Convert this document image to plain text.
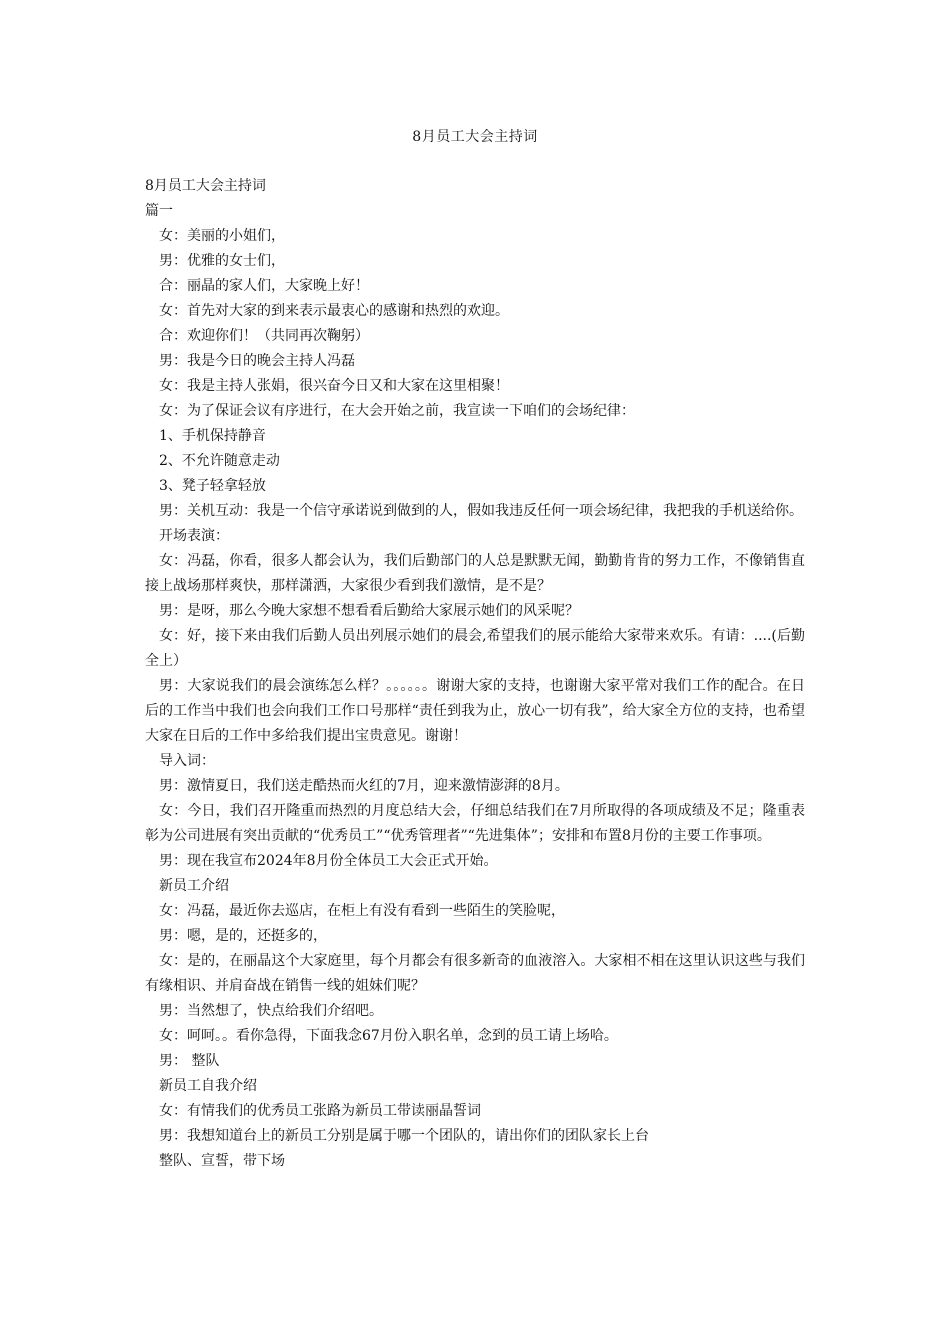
8月员工大会主持词

8月员工大会主持词

篇一

女：美丽的小姐们，

男：优雅的女士们，

合：丽晶的家人们，大家晚上好！

女：首先对大家的到来表示最衷心的感谢和热烈的欢迎。

合：欢迎你们！（共同再次鞠躬）

男：我是今日的晚会主持人冯磊

女：我是主持人张娟，很兴奋今日又和大家在这里相聚！

女：为了保证会议有序进行，在大会开始之前，我宣读一下咱们的会场纪律：

1、手机保持静音

2、不允许随意走动

3、凳子轻拿轻放

男：关机互动：我是一个信守承诺说到做到的人，假如我违反任何一项会场纪律，我把我的手机送给你。

开场表演：

女：冯磊，你看，很多人都会认为，我们后勤部门的人总是默默无闻，勤勤肯肯的努力工作，不像销售直接上战场那样爽快，那样潇洒，大家很少看到我们激情，是不是？

男：是呀，那么今晚大家想不想看看后勤给大家展示她们的风采呢？

女：好，接下来由我们后勤人员出列展示她们的晨会,希望我们的展示能给大家带来欢乐。有请：....(后勤全上）

男：大家说我们的晨会演练怎么样？。。。。。。谢谢大家的支持，也谢谢大家平常对我们工作的配合。在日后的工作当中我们也会向我们工作口号那样“责任到我为止，放心一切有我”，给大家全方位的支持，也希望大家在日后的工作中多给我们提出宝贵意见。谢谢！

导入词：

男：激情夏日，我们送走酷热而火红的7月，迎来激情澎湃的8月。

女：今日，我们召开隆重而热烈的月度总结大会，仔细总结我们在7月所取得的各项成绩及不足；隆重表彰为公司进展有突出贡献的“优秀员工”“优秀管理者”“先进集体”；安排和布置8月份的主要工作事项。

男：现在我宣布2024年8月份全体员工大会正式开始。

新员工介绍

女：冯磊，最近你去巡店，在柜上有没有看到一些陌生的笑脸呢，

男：嗯，是的，还挺多的，

女：是的，在丽晶这个大家庭里，每个月都会有很多新奇的血液溶入。大家相不相在这里认识这些与我们有缘相识、并肩奋战在销售一线的姐妹们呢？

男：当然想了，快点给我们介绍吧。

女：呵呵。。看你急得，下面我念67月份入职名单，念到的员工请上场哈。

男： 整队

新员工自我介绍

女：有情我们的优秀员工张路为新员工带读丽晶誓词

男：我想知道台上的新员工分别是属于哪一个团队的，请出你们的团队家长上台

整队、宣誓，带下场
